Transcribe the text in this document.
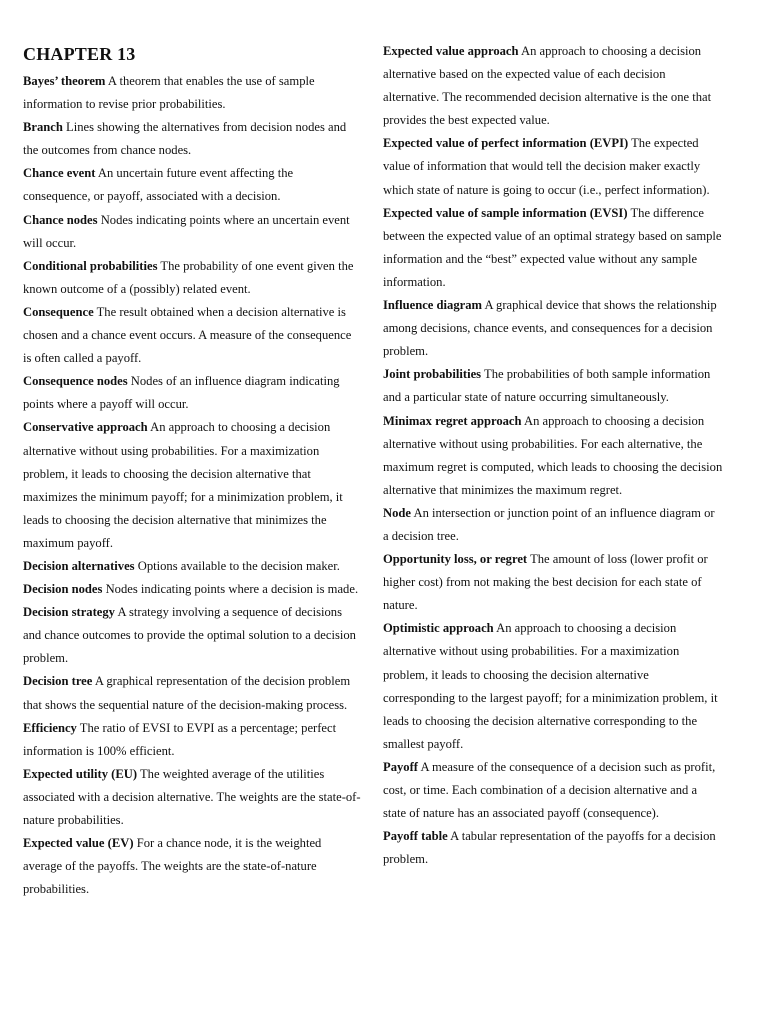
CHAPTER 13

Bayes’ theorem A theorem that enables the use of sample information to revise prior probabilities.

Branch Lines showing the alternatives from decision nodes and the outcomes from chance nodes.

Chance event An uncertain future event affecting the consequence, or payoff, associated with a decision.

Chance nodes Nodes indicating points where an uncertain event will occur.

Conditional probabilities The probability of one event given the known outcome of a (possibly) related event.

Consequence The result obtained when a decision alternative is chosen and a chance event occurs. A measure of the consequence is often called a payoff.

Consequence nodes Nodes of an influence diagram indicating points where a payoff will occur.

Conservative approach An approach to choosing a decision alternative without using probabilities. For a maximization problem, it leads to choosing the decision alternative that maximizes the minimum payoff; for a minimization problem, it leads to choosing the decision alternative that minimizes the maximum payoff.

Decision alternatives Options available to the decision maker.

Decision nodes Nodes indicating points where a decision is made.

Decision strategy A strategy involving a sequence of decisions and chance outcomes to provide the optimal solution to a decision problem.

Decision tree A graphical representation of the decision problem that shows the sequential nature of the decision-making process.

Efficiency The ratio of EVSI to EVPI as a percentage; perfect information is 100% efficient.

Expected utility (EU) The weighted average of the utilities associated with a decision alternative. The weights are the state-of-nature probabilities.

Expected value (EV) For a chance node, it is the weighted average of the payoffs. The weights are the state-of-nature probabilities.

Expected value approach An approach to choosing a decision alternative based on the expected value of each decision alternative. The recommended decision alternative is the one that provides the best expected value.

Expected value of perfect information (EVPI) The expected value of information that would tell the decision maker exactly which state of nature is going to occur (i.e., perfect information).

Expected value of sample information (EVSI) The difference between the expected value of an optimal strategy based on sample information and the “best” expected value without any sample information.

Influence diagram A graphical device that shows the relationship among decisions, chance events, and consequences for a decision problem.

Joint probabilities The probabilities of both sample information and a particular state of nature occurring simultaneously.

Minimax regret approach An approach to choosing a decision alternative without using probabilities. For each alternative, the maximum regret is computed, which leads to choosing the decision alternative that minimizes the maximum regret.

Node An intersection or junction point of an influence diagram or a decision tree.

Opportunity loss, or regret The amount of loss (lower profit or higher cost) from not making the best decision for each state of nature.

Optimistic approach An approach to choosing a decision alternative without using probabilities. For a maximization problem, it leads to choosing the decision alternative corresponding to the largest payoff; for a minimization problem, it leads to choosing the decision alternative corresponding to the smallest payoff.

Payoff A measure of the consequence of a decision such as profit, cost, or time. Each combination of a decision alternative and a state of nature has an associated payoff (consequence).

Payoff table A tabular representation of the payoffs for a decision problem.
